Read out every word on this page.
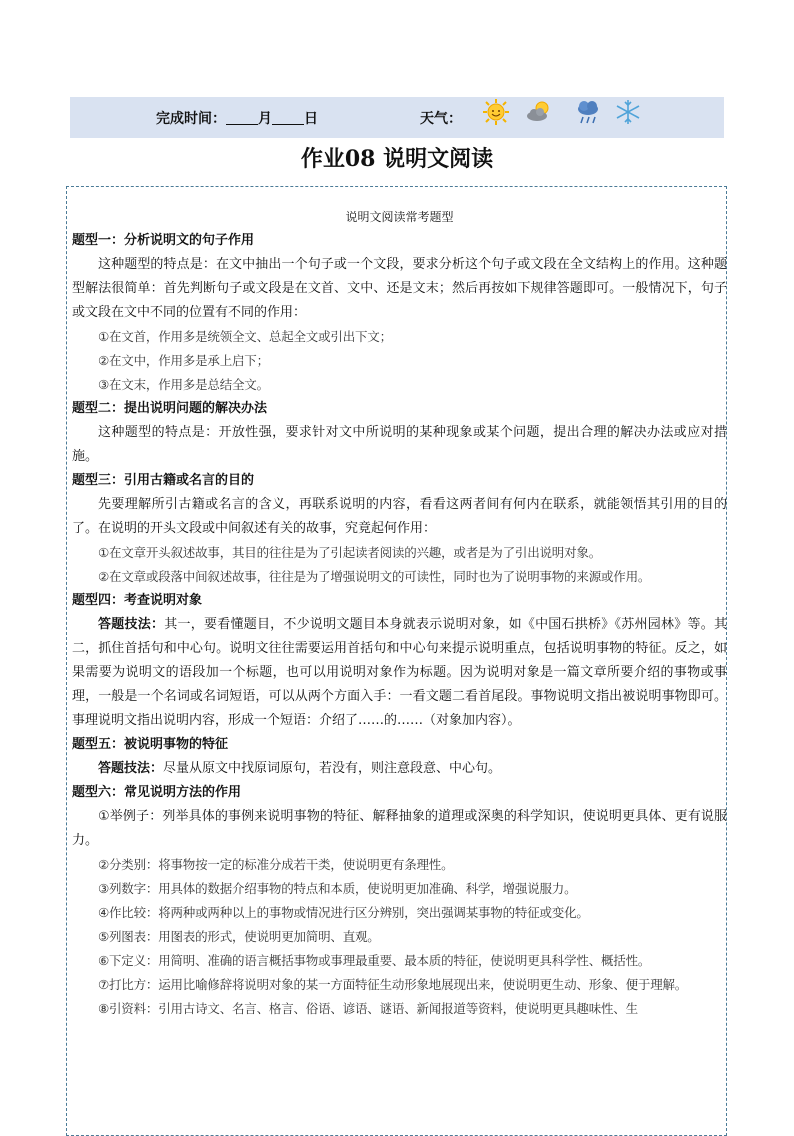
完成时间： 月 日	天气：
作业08 说明文阅读

说明文阅读常考题型

题型一：分析说明文的句子作用

这种题型的特点是：在文中抽出一个句子或一个文段，要求分析这个句子或文段在全文结构上的作用。这种题型解法很简单：首先判断句子或文段是在文首、文中、还是文末；然后再按如下规律答题即可。一般情况下，句子或文段在文中不同的位置有不同的作用：

①在文首，作用多是统领全文、总起全文或引出下文；

②在文中，作用多是承上启下；

③在文末，作用多是总结全文。

题型二：提出说明问题的解决办法

这种题型的特点是：开放性强，要求针对文中所说明的某种现象或某个问题，提出合理的解决办法或应对措施。

题型三：引用古籍或名言的目的

先要理解所引古籍或名言的含义，再联系说明的内容，看看这两者间有何内在联系，就能领悟其引用的目的了。在说明的开头文段或中间叙述有关的故事，究竟起何作用：

①在文章开头叙述故事，其目的往往是为了引起读者阅读的兴趣，或者是为了引出说明对象。

②在文章或段落中间叙述故事，往往是为了增强说明文的可读性，同时也为了说明事物的来源或作用。

题型四：考查说明对象

答题技法：其一，要看懂题目，不少说明文题目本身就表示说明对象，如《中国石拱桥》《苏州园林》等。其二，抓住首括句和中心句。说明文往往需要运用首括句和中心句来提示说明重点，包括说明事物的特征。反之，如果需要为说明文的语段加一个标题，也可以用说明对象作为标题。因为说明对象是一篇文章所要介绍的事物或事理，一般是一个名词或名词短语，可以从两个方面入手：一看文题二看首尾段。事物说明文指出被说明事物即可。事理说明文指出说明内容，形成一个短语：介绍了……的……（对象加内容）。

题型五：被说明事物的特征

答题技法：尽量从原文中找原词原句，若没有，则注意段意、中心句。

题型六：常见说明方法的作用

①举例子：列举具体的事例来说明事物的特征、解释抽象的道理或深奥的科学知识，使说明更具体、更有说服力。

②分类别：将事物按一定的标准分成若干类，使说明更有条理性。

③列数字：用具体的数据介绍事物的特点和本质，使说明更加准确、科学，增强说服力。

④作比较：将两种或两种以上的事物或情况进行区分辨别，突出强调某事物的特征或变化。

⑤列图表：用图表的形式，使说明更加简明、直观。

⑥下定义：用简明、准确的语言概括事物或事理最重要、最本质的特征，使说明更具科学性、概括性。

⑦打比方：运用比喻修辞将说明对象的某一方面特征生动形象地展现出来，使说明更生动、形象、便于理解。

⑧引资料：引用古诗文、名言、格言、俗语、谚语、谜语、新闻报道等资料，使说明更具趣味性、生
